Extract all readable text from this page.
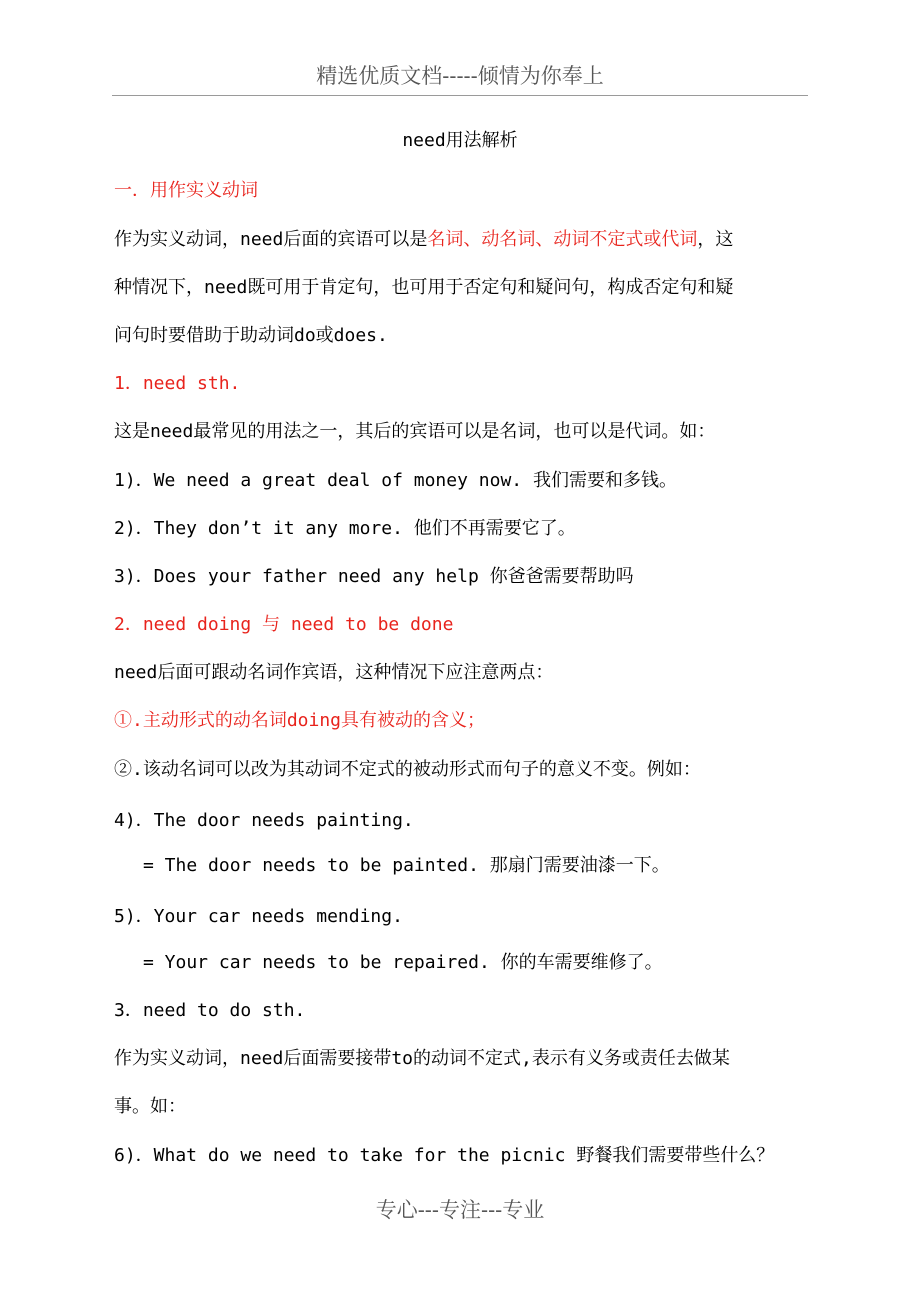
精选优质文档-----倾情为你奉上
need用法解析
一．用作实义动词
作为实义动词，need后面的宾语可以是名词、动名词、动词不定式或代词，这
种情况下，need既可用于肯定句，也可用于否定句和疑问句，构成否定句和疑
问句时要借助于助动词do或does.
1．need sth.
这是need最常见的用法之一，其后的宾语可以是名词，也可以是代词。如：
1)．We need a great deal of money now. 我们需要和多钱。
2)．They don’t it any more. 他们不再需要它了。
3)．Does your father need any help 你爸爸需要帮助吗
2．need doing 与 need to be done
need后面可跟动名词作宾语，这种情况下应注意两点：
①.主动形式的动名词doing具有被动的含义；
②.该动名词可以改为其动词不定式的被动形式而句子的意义不变。例如：
4)．The door needs painting.
= The door needs to be painted. 那扇门需要油漆一下。
5)．Your car needs mending.
= Your car needs to be repaired. 你的车需要维修了。
3．need to do sth.
作为实义动词，need后面需要接带to的动词不定式,表示有义务或责任去做某
事。如：
6)．What do we need to take for the picnic 野餐我们需要带些什么？
专心---专注---专业
